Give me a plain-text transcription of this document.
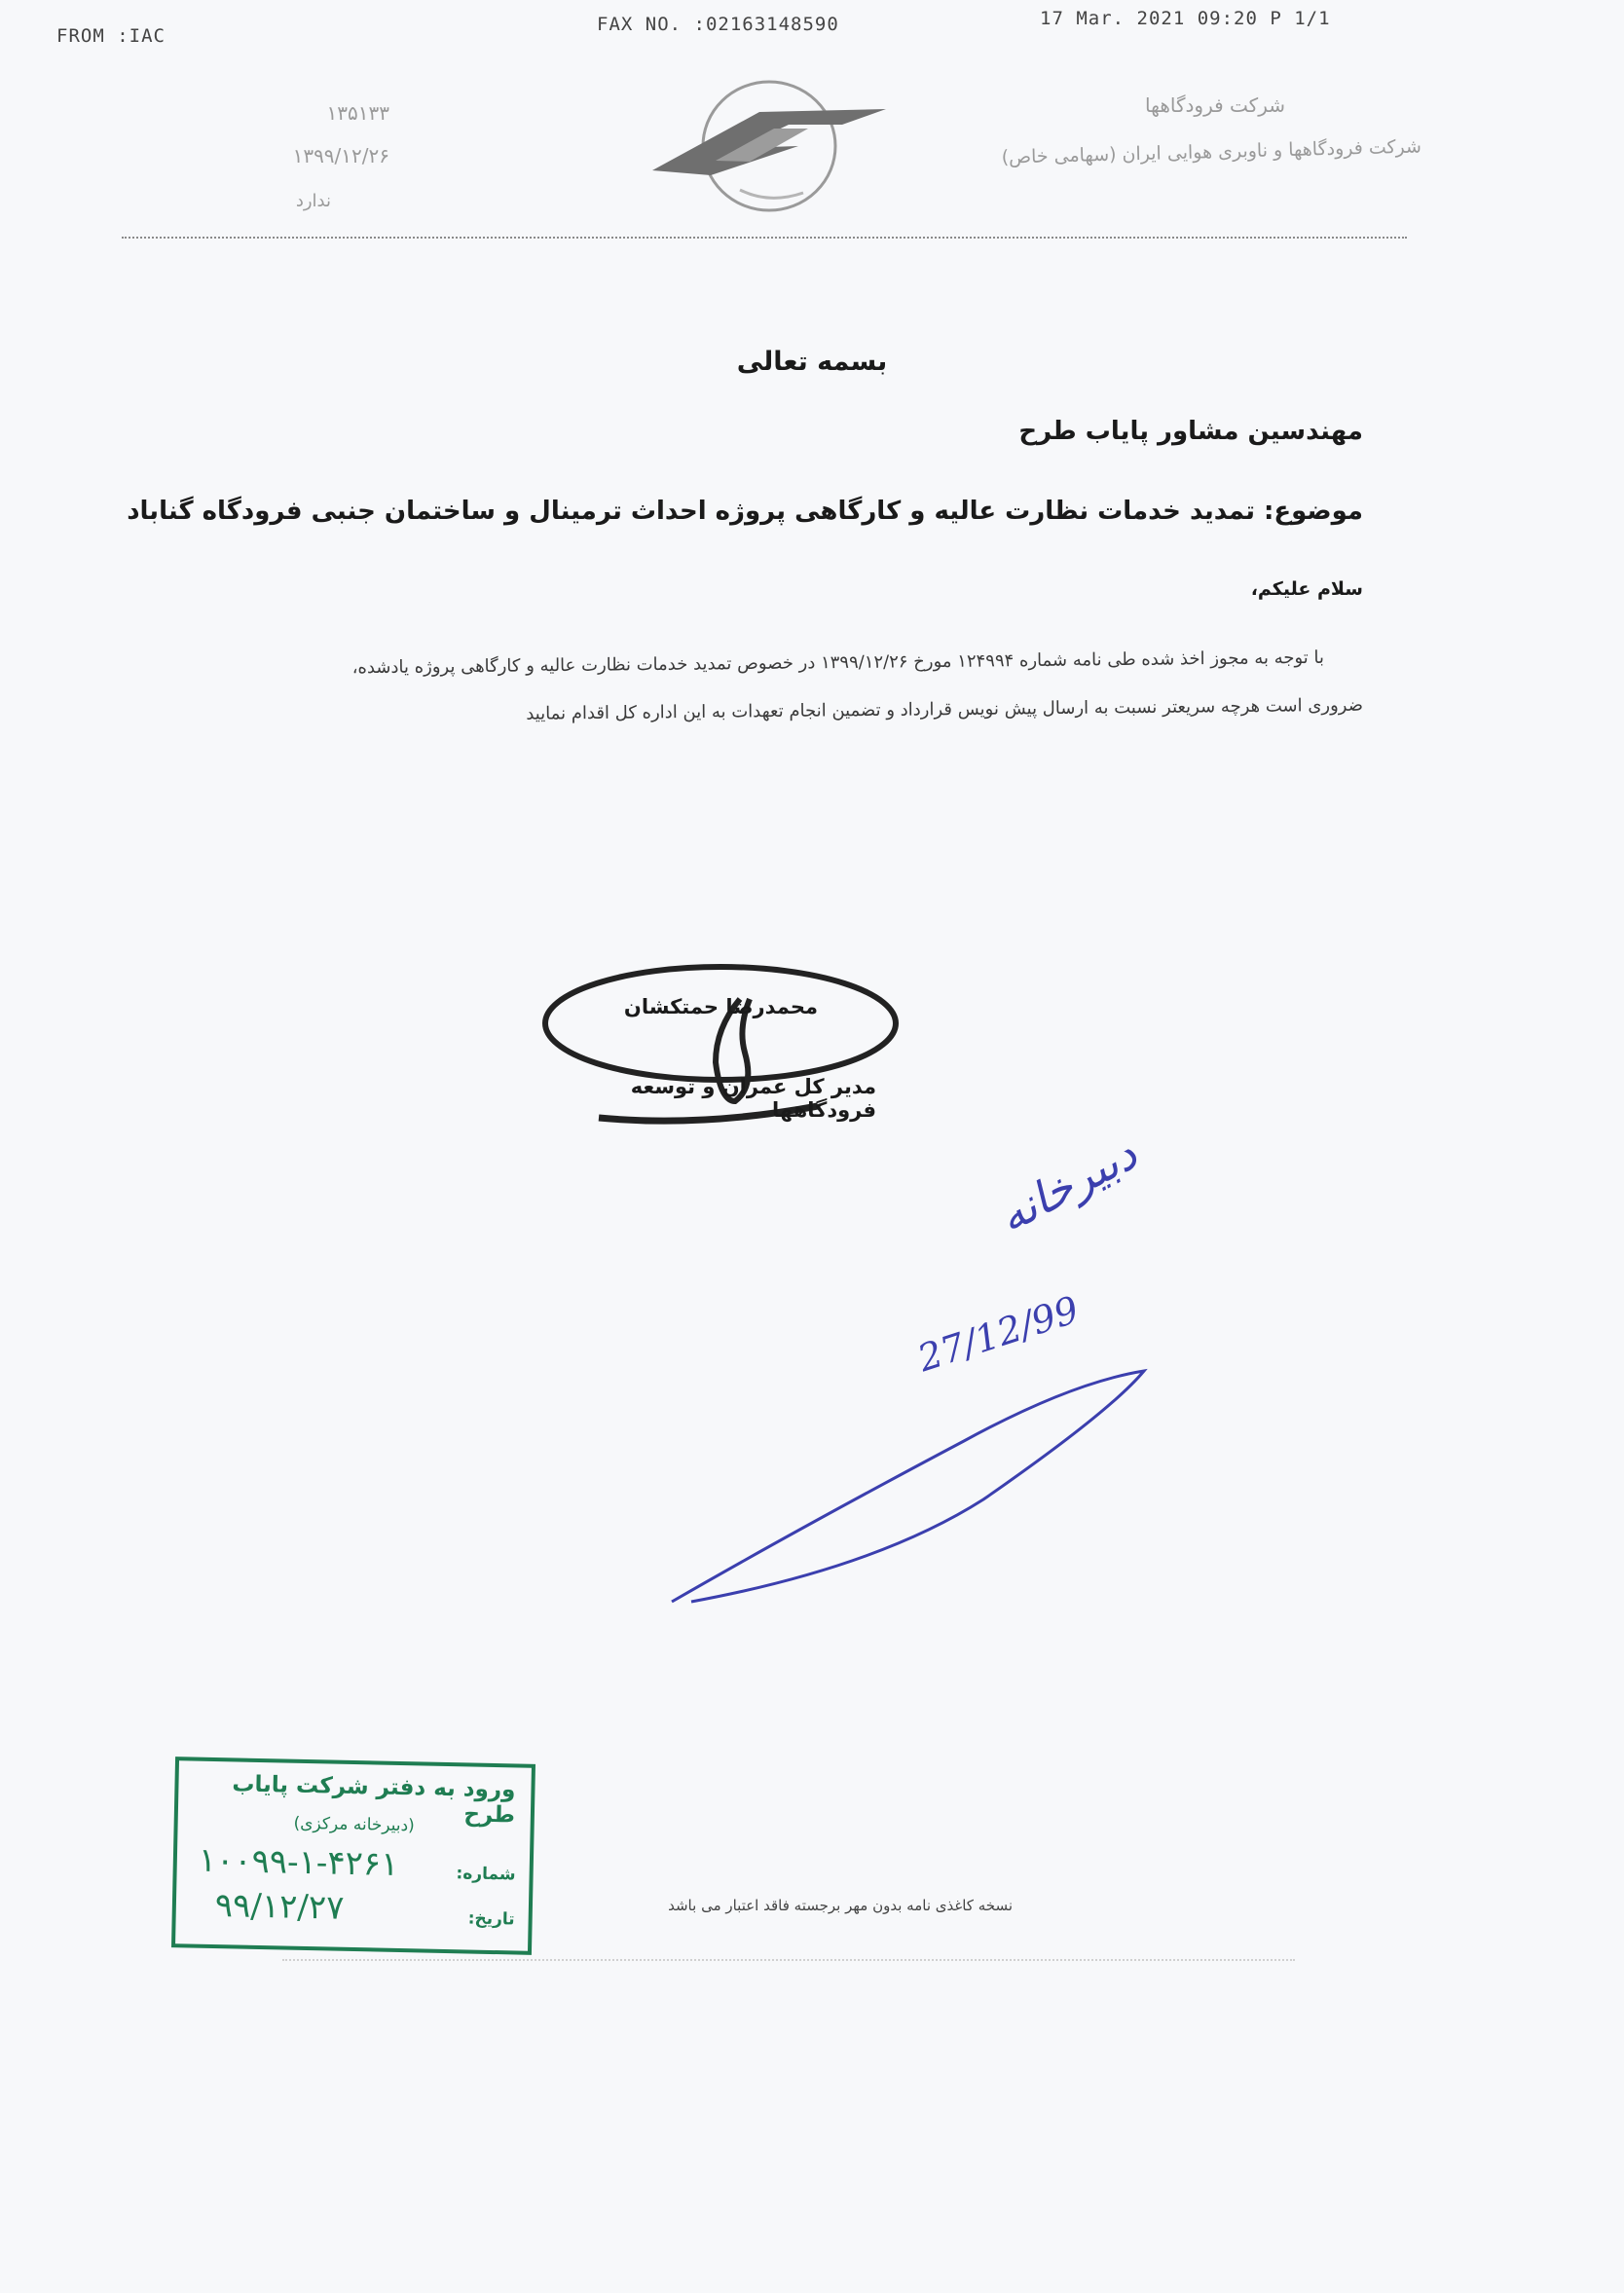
FROM :IAC
FAX NO. :02163148590	17 Mar. 2021 09:20 P 1/1
۱۳۵۱۳۳
۱۳۹۹/۱۲/۲۶
ندارد
شرکت فرودگاهها
شرکت فرودگاهها و ناوبری هوایی ایران (سهامی خاص)
بسمه تعالی
مهندسین مشاور پایاب طرح
موضوع: تمدید خدمات نظارت عالیه و کارگاهی پروژه احداث ترمینال و ساختمان جنبی فرودگاه گناباد
سلام علیکم،
با توجه به مجوز اخذ شده طی نامه شماره ۱۲۴۹۹۴ مورخ ۱۳۹۹/۱۲/۲۶ در خصوص تمدید خدمات نظارت عالیه و کارگاهی پروژه یادشده،
ضروری است هرچه سریعتر نسبت به ارسال پیش نویس قرارداد و تضمین انجام تعهدات به این اداره کل اقدام نمایید
محمدرضا حمتکشان
مدیر کل عمران و توسعه فرودگاهها
دبیرخانه
27/12/99
ورود به دفتر شرکت پایاب طرح
(دبیرخانه مرکزی)
شماره:
۱۰۰۹۹-۱-۴۲۶۱
تاریخ:
۹۹/۱۲/۲۷	نسخه کاغذی نامه بدون مهر برجسته فاقد اعتبار می باشد
